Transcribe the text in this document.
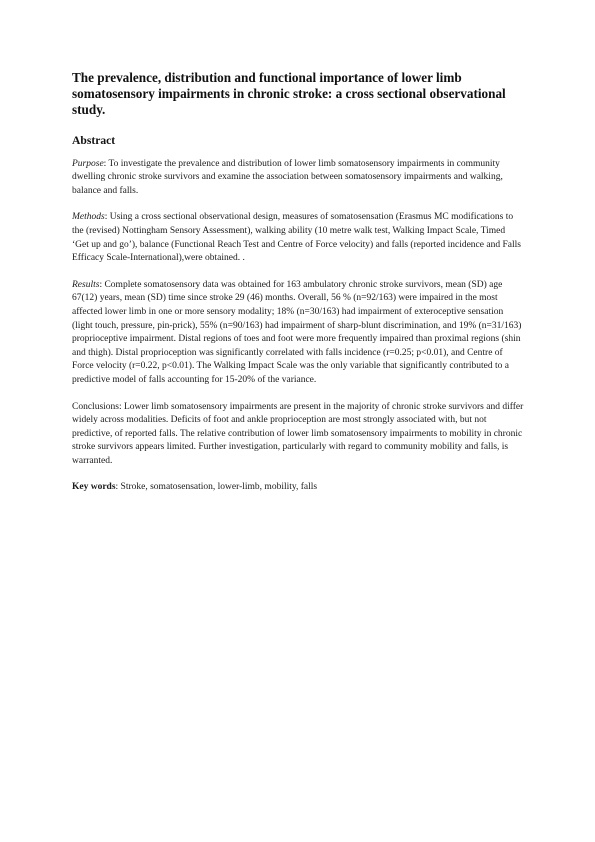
The prevalence, distribution and functional importance of lower limb somatosensory impairments in chronic stroke: a cross sectional observational study.
Abstract

Purpose: To investigate the prevalence and distribution of lower limb somatosensory impairments in community dwelling chronic stroke survivors and examine the association between somatosensory impairments and walking, balance and falls.

Methods: Using a cross sectional observational design, measures of somatosensation (Erasmus MC modifications to the (revised) Nottingham Sensory Assessment), walking ability (10 metre walk test, Walking Impact Scale, Timed ‘Get up and go’), balance (Functional Reach Test and Centre of Force velocity) and falls (reported incidence and Falls Efficacy Scale-International),were obtained. .

Results: Complete somatosensory data was obtained for 163 ambulatory chronic stroke survivors, mean (SD) age 67(12) years, mean (SD) time since stroke 29 (46) months. Overall, 56 % (n=92/163) were impaired in the most affected lower limb in one or more sensory modality; 18% (n=30/163) had impairment of exteroceptive sensation (light touch, pressure, pin-prick), 55% (n=90/163) had impairment of sharp-blunt discrimination, and 19% (n=31/163) proprioceptive impairment. Distal regions of toes and foot were more frequently impaired than proximal regions (shin and thigh). Distal proprioception was significantly correlated with falls incidence (r=0.25; p<0.01), and Centre of Force velocity (r=0.22, p<0.01). The Walking Impact Scale was the only variable that significantly contributed to a predictive model of falls accounting for 15-20% of the variance.

Conclusions: Lower limb somatosensory impairments are present in the majority of chronic stroke survivors and differ widely across modalities. Deficits of foot and ankle proprioception are most strongly associated with, but not predictive, of reported falls. The relative contribution of lower limb somatosensory impairments to mobility in chronic stroke survivors appears limited. Further investigation, particularly with regard to community mobility and falls, is warranted.

Key words: Stroke, somatosensation, lower-limb, mobility, falls
